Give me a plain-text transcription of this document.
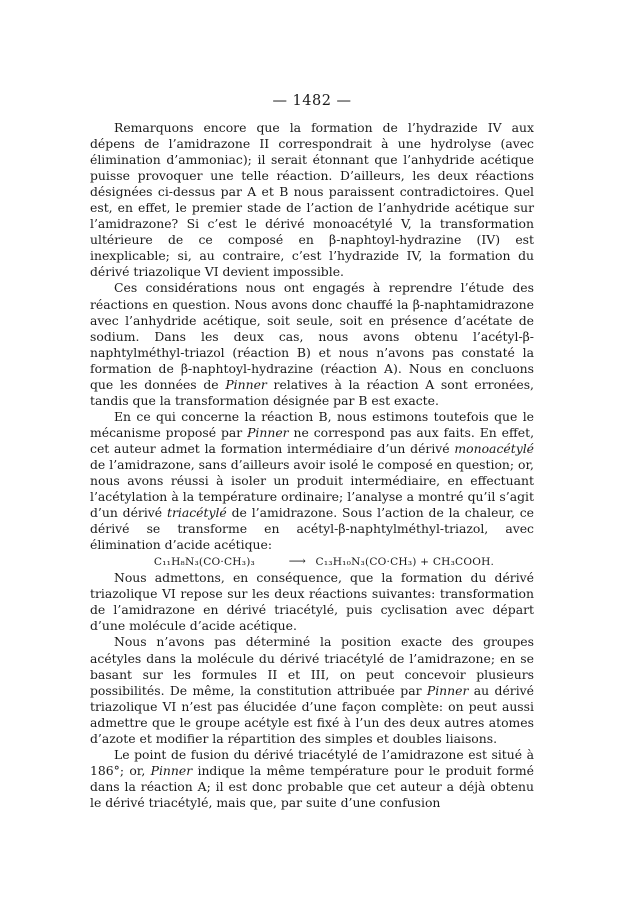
— 1482 —

Remarquons encore que la formation de l’hydrazide IV aux dépens de l’amidrazone II correspondrait à une hydrolyse (avec élimination d’ammoniac); il serait étonnant que l’anhydride acétique puisse provoquer une telle réaction. D’ailleurs, les deux réactions désignées ci-dessus par A et B nous paraissent contradictoires. Quel est, en effet, le premier stade de l’action de l’anhydride acétique sur l’amidrazone? Si c’est le dérivé monoacétylé V, la transformation ultérieure de ce composé en β-naphtoyl-hydrazine (IV) est inexplicable; si, au contraire, c’est l’hydrazide IV, la formation du dérivé triazolique VI devient impossible.

Ces considérations nous ont engagés à reprendre l’étude des réactions en question. Nous avons donc chauffé la β-naphtamidrazone avec l’anhydride acétique, soit seule, soit en présence d’acétate de sodium. Dans les deux cas, nous avons obtenu l’acétyl-β-naphtylméthyl-triazol (réaction B) et nous n’avons pas constaté la formation de β-naphtoyl-hydrazine (réaction A). Nous en concluons que les données de Pinner relatives à la réaction A sont erronées, tandis que la transformation désignée par B est exacte.

En ce qui concerne la réaction B, nous estimons toutefois que le mécanisme proposé par Pinner ne correspond pas aux faits. En effet, cet auteur admet la formation intermédiaire d’un dérivé monoacétylé de l’amidrazone, sans d’ailleurs avoir isolé le composé en question; or, nous avons réussi à isoler un produit intermédiaire, en effectuant l’acétylation à la température ordinaire; l’analyse a montré qu’il s’agit d’un dérivé triacétylé de l’amidrazone. Sous l’action de la chaleur, ce dérivé se transforme en acétyl-β-naphtylméthyl-triazol, avec élimination d’acide acétique:

C₁₁H₈N₃(CO·CH₃)₃	⟶ C₁₃H₁₀N₃(CO·CH₃) + CH₃COOH.

Nous admettons, en conséquence, que la formation du dérivé triazolique VI repose sur les deux réactions suivantes: transformation de l’amidrazone en dérivé triacétylé, puis cyclisation avec départ d’une molécule d’acide acétique.

Nous n’avons pas déterminé la position exacte des groupes acétyles dans la molécule du dérivé triacétylé de l’amidrazone; en se basant sur les formules II et III, on peut concevoir plusieurs possibilités. De même, la constitution attribuée par Pinner au dérivé triazolique VI n’est pas élucidée d’une façon complète: on peut aussi admettre que le groupe acétyle est fixé à l’un des deux autres atomes d’azote et modifier la répartition des simples et doubles liaisons.

Le point de fusion du dérivé triacétylé de l’amidrazone est situé à 186°; or, Pinner indique la même température pour le produit formé dans la réaction A; il est donc probable que cet auteur a déjà obtenu le dérivé triacétylé, mais que, par suite d’une confusion
